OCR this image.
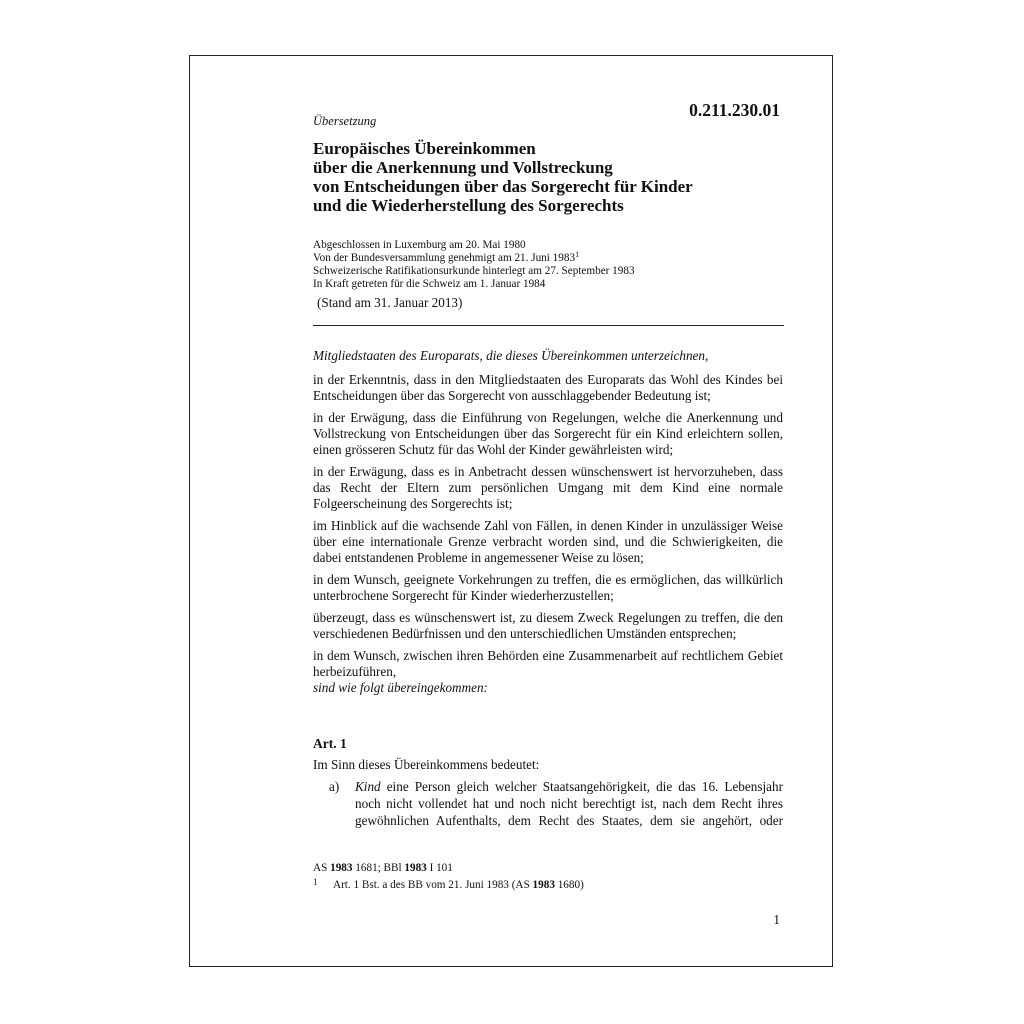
Übersetzung
0.211.230.01
Europäisches Übereinkommen
über die Anerkennung und Vollstreckung
von Entscheidungen über das Sorgerecht für Kinder
und die Wiederherstellung des Sorgerechts
Abgeschlossen in Luxemburg am 20. Mai 1980
Von der Bundesversammlung genehmigt am 21. Juni 1983$^1$
Schweizerische Ratifikationsurkunde hinterlegt am 27. September 1983
In Kraft getreten für die Schweiz am 1. Januar 1984
(Stand am 31. Januar 2013)

Mitgliedstaaten des Europarats, die dieses Übereinkommen unterzeichnen,

in der Erkenntnis, dass in den Mitgliedstaaten des Europarats das Wohl des Kindes bei Entscheidungen über das Sorgerecht von ausschlaggebender Bedeutung ist;

in der Erwägung, dass die Einführung von Regelungen, welche die Anerkennung und Vollstreckung von Entscheidungen über das Sorgerecht für ein Kind erleichtern sollen, einen grösseren Schutz für das Wohl der Kinder gewährleisten wird;

in der Erwägung, dass es in Anbetracht dessen wünschenswert ist hervorzuheben, dass das Recht der Eltern zum persönlichen Umgang mit dem Kind eine normale Folgeerscheinung des Sorgerechts ist;

im Hinblick auf die wachsende Zahl von Fällen, in denen Kinder in unzulässiger Weise über eine internationale Grenze verbracht worden sind, und die Schwierigkeiten, die dabei entstandenen Probleme in angemessener Weise zu lösen;

in dem Wunsch, geeignete Vorkehrungen zu treffen, die es ermöglichen, das willkürlich unterbrochene Sorgerecht für Kinder wiederherzustellen;

überzeugt, dass es wünschenswert ist, zu diesem Zweck Regelungen zu treffen, die den verschiedenen Bedürfnissen und den unterschiedlichen Umständen entsprechen;

in dem Wunsch, zwischen ihren Behörden eine Zusammenarbeit auf rechtlichem Gebiet herbeizuführen,

sind wie folgt übereingekommen:

Art. 1
Im Sinn dieses Übereinkommens bedeutet:
a) Kind eine Person gleich welcher Staatsangehörigkeit, die das 16. Lebensjahr noch nicht vollendet hat und noch nicht berechtigt ist, nach dem Recht ihres gewöhnlichen Aufenthalts, dem Recht des Staates, dem sie angehört, oder
AS 1983 1681; BBl 1983 I 101
1 Art. 1 Bst. a des BB vom 21. Juni 1983 (AS 1983 1680)
1
